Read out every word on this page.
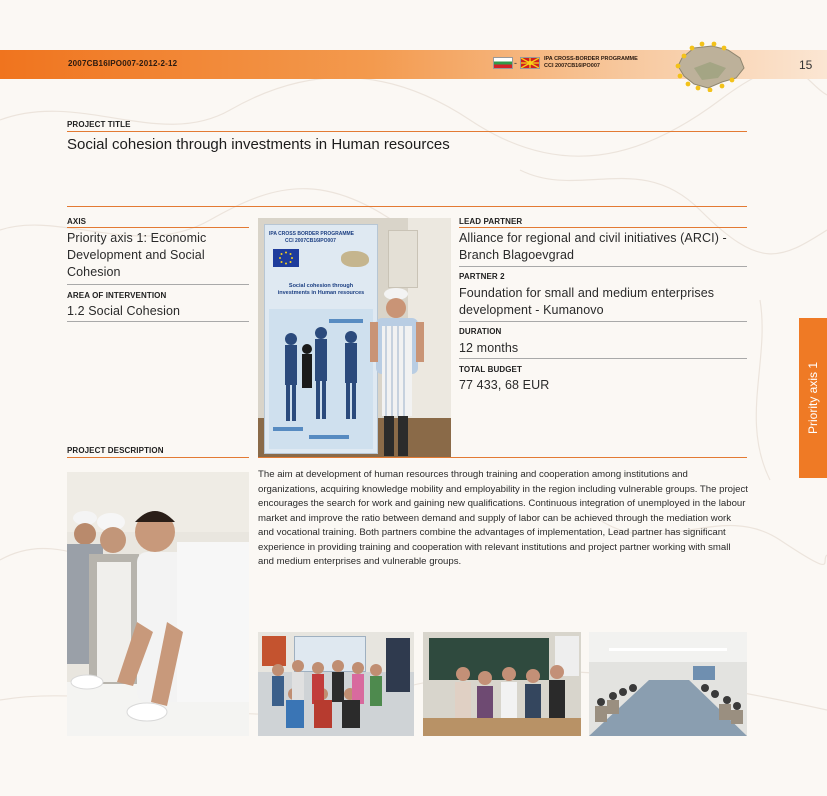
2007CB16IPO007-2012-2-12	-	IPA CROSS-BORDER PROGRAMME
CCI 2007CB16IPO007	15
PROJECT TITLE
Social cohesion through investments in Human resources
AXIS
Priority axis 1: Economic Development and Social Cohesion
AREA OF INTERVENTION
1.2 Social Cohesion
IPA CROSS BORDER PROGRAMME
CCI 2007CB16IPO007
Social cohesion through
investments in Human resources
LEAD PARTNER
Alliance for regional and civil initiatives (ARCI) - Branch Blagoevgrad
PARTNER 2
Foundation for small and medium enterprises development - Kumanovo
DURATION
12 months
TOTAL BUDGET
77 433, 68 EUR	Priority axis 1
PROJECT DESCRIPTION
The aim at development of human resources through training and cooperation among institutions and organizations, acquiring knowledge mobility and employability in the region including vulnerable groups. The project encourages the search for work and gaining new qualifications. Continuous integration of unemployed in the labour market and improve the ratio between demand and supply of labor can be achieved through the mediation work and vocational training. Both partners combine the advantages of implementation, Lead partner has significant experience in providing training and cooperation with relevant institutions and project partner working with small and medium enterprises and vulnerable groups.
